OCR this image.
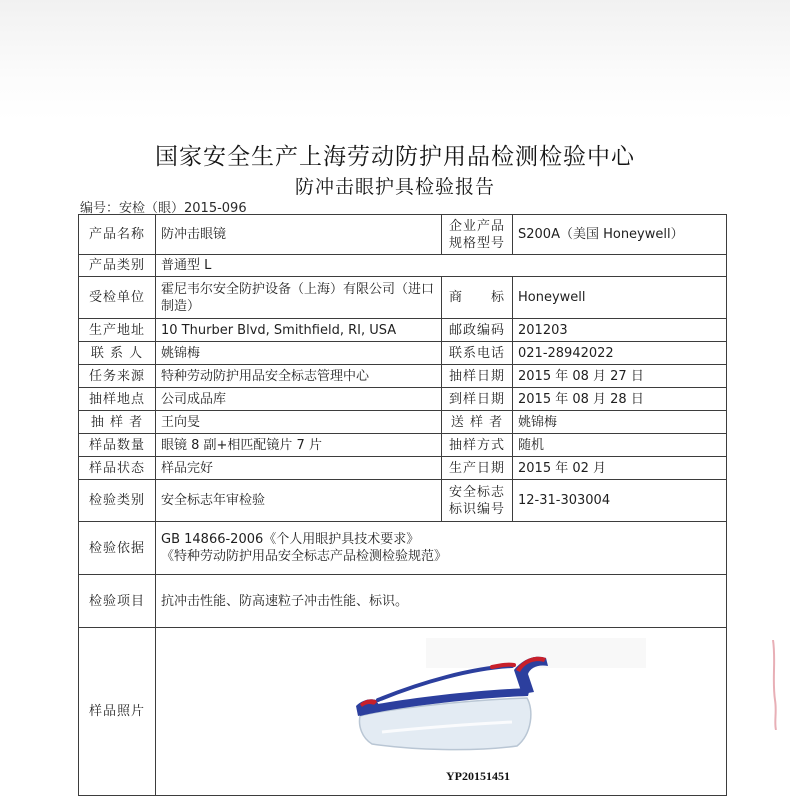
国家安全生产上海劳动防护用品检测检验中心
防冲击眼护具检验报告
编号：安检（眼）2015-096
产品名称	防冲击眼镜	企业产品规格型号	S200A（美国 Honeywell）
产品类别	普通型 L		
受检单位	霍尼韦尔安全防护设备（上海）有限公司（进口制造）	商　　标	Honeywell
生产地址	10 Thurber Blvd, Smithfield, RI, USA	邮政编码	201203
联 系 人	姚锦梅	联系电话	021-28942022
任务来源	特种劳动防护用品安全标志管理中心	抽样日期	2015 年 08 月 27 日
抽样地点	公司成品库	到样日期	2015 年 08 月 28 日
抽 样 者	王向旻	送 样 者	姚锦梅
样品数量	眼镜 8 副+相匹配镜片 7 片	抽样方式	随机
样品状态	样品完好	生产日期	2015 年 02 月
检验类别	安全标志年审检验	安全标志标识编号	12-31-303004
检验依据	GB 14866-2006《个人用眼护具技术要求》
《特种劳动防护用品安全标志产品检测检验规范》		

检验项目	抗冲击性能、防高速粒子冲击性能、标识。		
样品照片	YP20151451		
